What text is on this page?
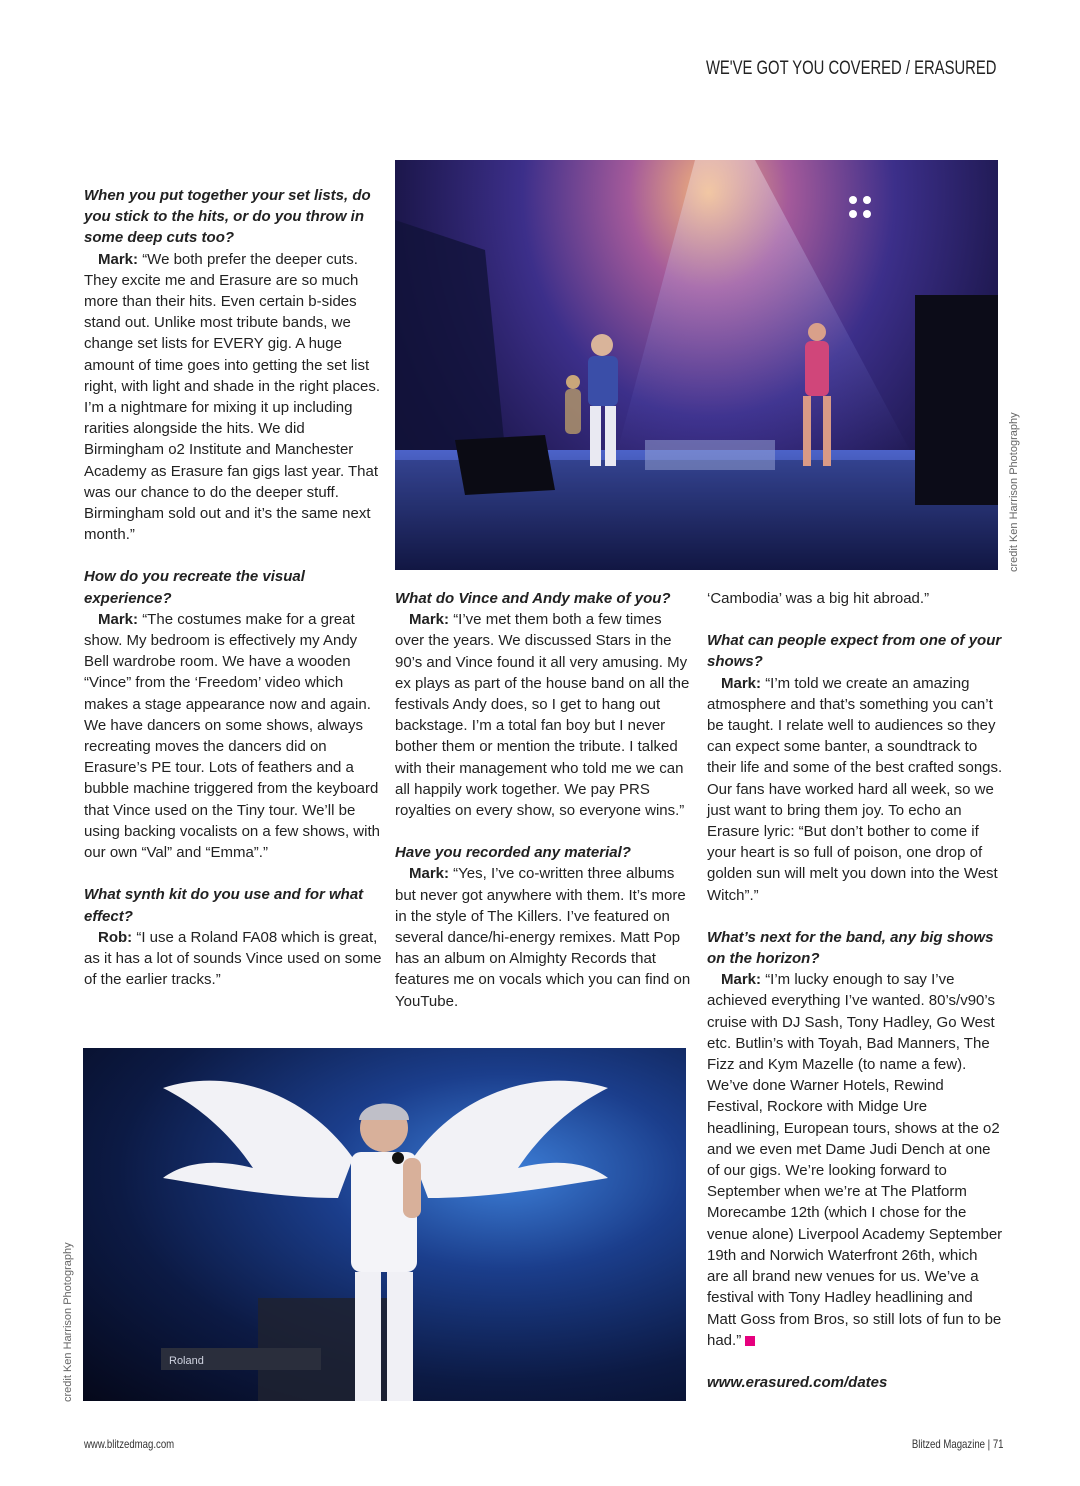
WE'VE GOT YOU COVERED / ERASURED
credit Ken Harrison Photography

When you put together your set lists, do you stick to the hits, or do you throw in some deep cuts too?

Mark: “We both prefer the deeper cuts. They excite me and Erasure are so much more than their hits. Even certain b-sides stand out. Unlike most tribute bands, we change set lists for EVERY gig. A huge amount of time goes into getting the set list right, with light and shade in the right places. I’m a nightmare for mixing it up including rarities alongside the hits. We did Birmingham o2 Institute and Manchester Academy as Erasure fan gigs last year. That was our chance to do the deeper stuff. Birmingham sold out and it’s the same next month.”

How do you recreate the visual experience?

Mark: “The costumes make for a great show. My bedroom is effectively my Andy Bell wardrobe room. We have a wooden “Vince” from the ‘Freedom’ video which makes a stage appearance now and again. We have dancers on some shows, always recreating moves the dancers did on Erasure’s PE tour. Lots of feathers and a bubble machine triggered from the keyboard that Vince used on the Tiny tour. We’ll be using backing vocalists on a few shows, with our own “Val” and “Emma”.”

What synth kit do you use and for what effect?

Rob: “I use a Roland FA08 which is great, as it has a lot of sounds Vince used on some of the earlier tracks.”

What do Vince and Andy make of you?

Mark: “I’ve met them both a few times over the years. We discussed Stars in the 90’s and Vince found it all very amusing. My ex plays as part of the house band on all the festivals Andy does, so I get to hang out backstage. I’m a total fan boy but I never bother them or mention the tribute. I talked with their management who told me we can all happily work together. We pay PRS royalties on every show, so everyone wins.”

Have you recorded any material?

Mark: “Yes, I’ve co-written three albums but never got anywhere with them. It’s more in the style of The Killers. I’ve featured on several dance/hi-energy remixes. Matt Pop has an album on Almighty Records that features me on vocals which you can find on YouTube.

‘Cambodia’ was a big hit abroad.”

What can people expect from one of your shows?

Mark: “I’m told we create an amazing atmosphere and that’s something you can’t be taught. I relate well to audiences so they can expect some banter, a soundtrack to their life and some of the best crafted songs. Our fans have worked hard all week, so we just want to bring them joy. To echo an Erasure lyric: “But don’t bother to come if your heart is so full of poison, one drop of golden sun will melt you down into the West Witch”.”

What’s next for the band, any big shows on the horizon?

Mark: “I’m lucky enough to say I’ve achieved everything I’ve wanted. 80’s/v90’s cruise with DJ Sash, Tony Hadley, Go West etc. Butlin’s with Toyah, Bad Manners, The Fizz and Kym Mazelle (to name a few). We’ve done Warner Hotels, Rewind Festival, Rockore with Midge Ure headlining, European tours, shows at the o2 and we even met Dame Judi Dench at one of our gigs. We’re looking forward to September when we’re at The Platform Morecambe 12th (which I chose for the venue alone) Liverpool Academy September 19th and Norwich Waterfront 26th, which are all brand new venues for us. We’ve a festival with Tony Hadley headlining and Matt Goss from Bros, so still lots of fun to be had.”

www.erasured.com/dates

Roland
credit Ken Harrison Photography
www.blitzedmag.com	Blitzed Magazine | 71
